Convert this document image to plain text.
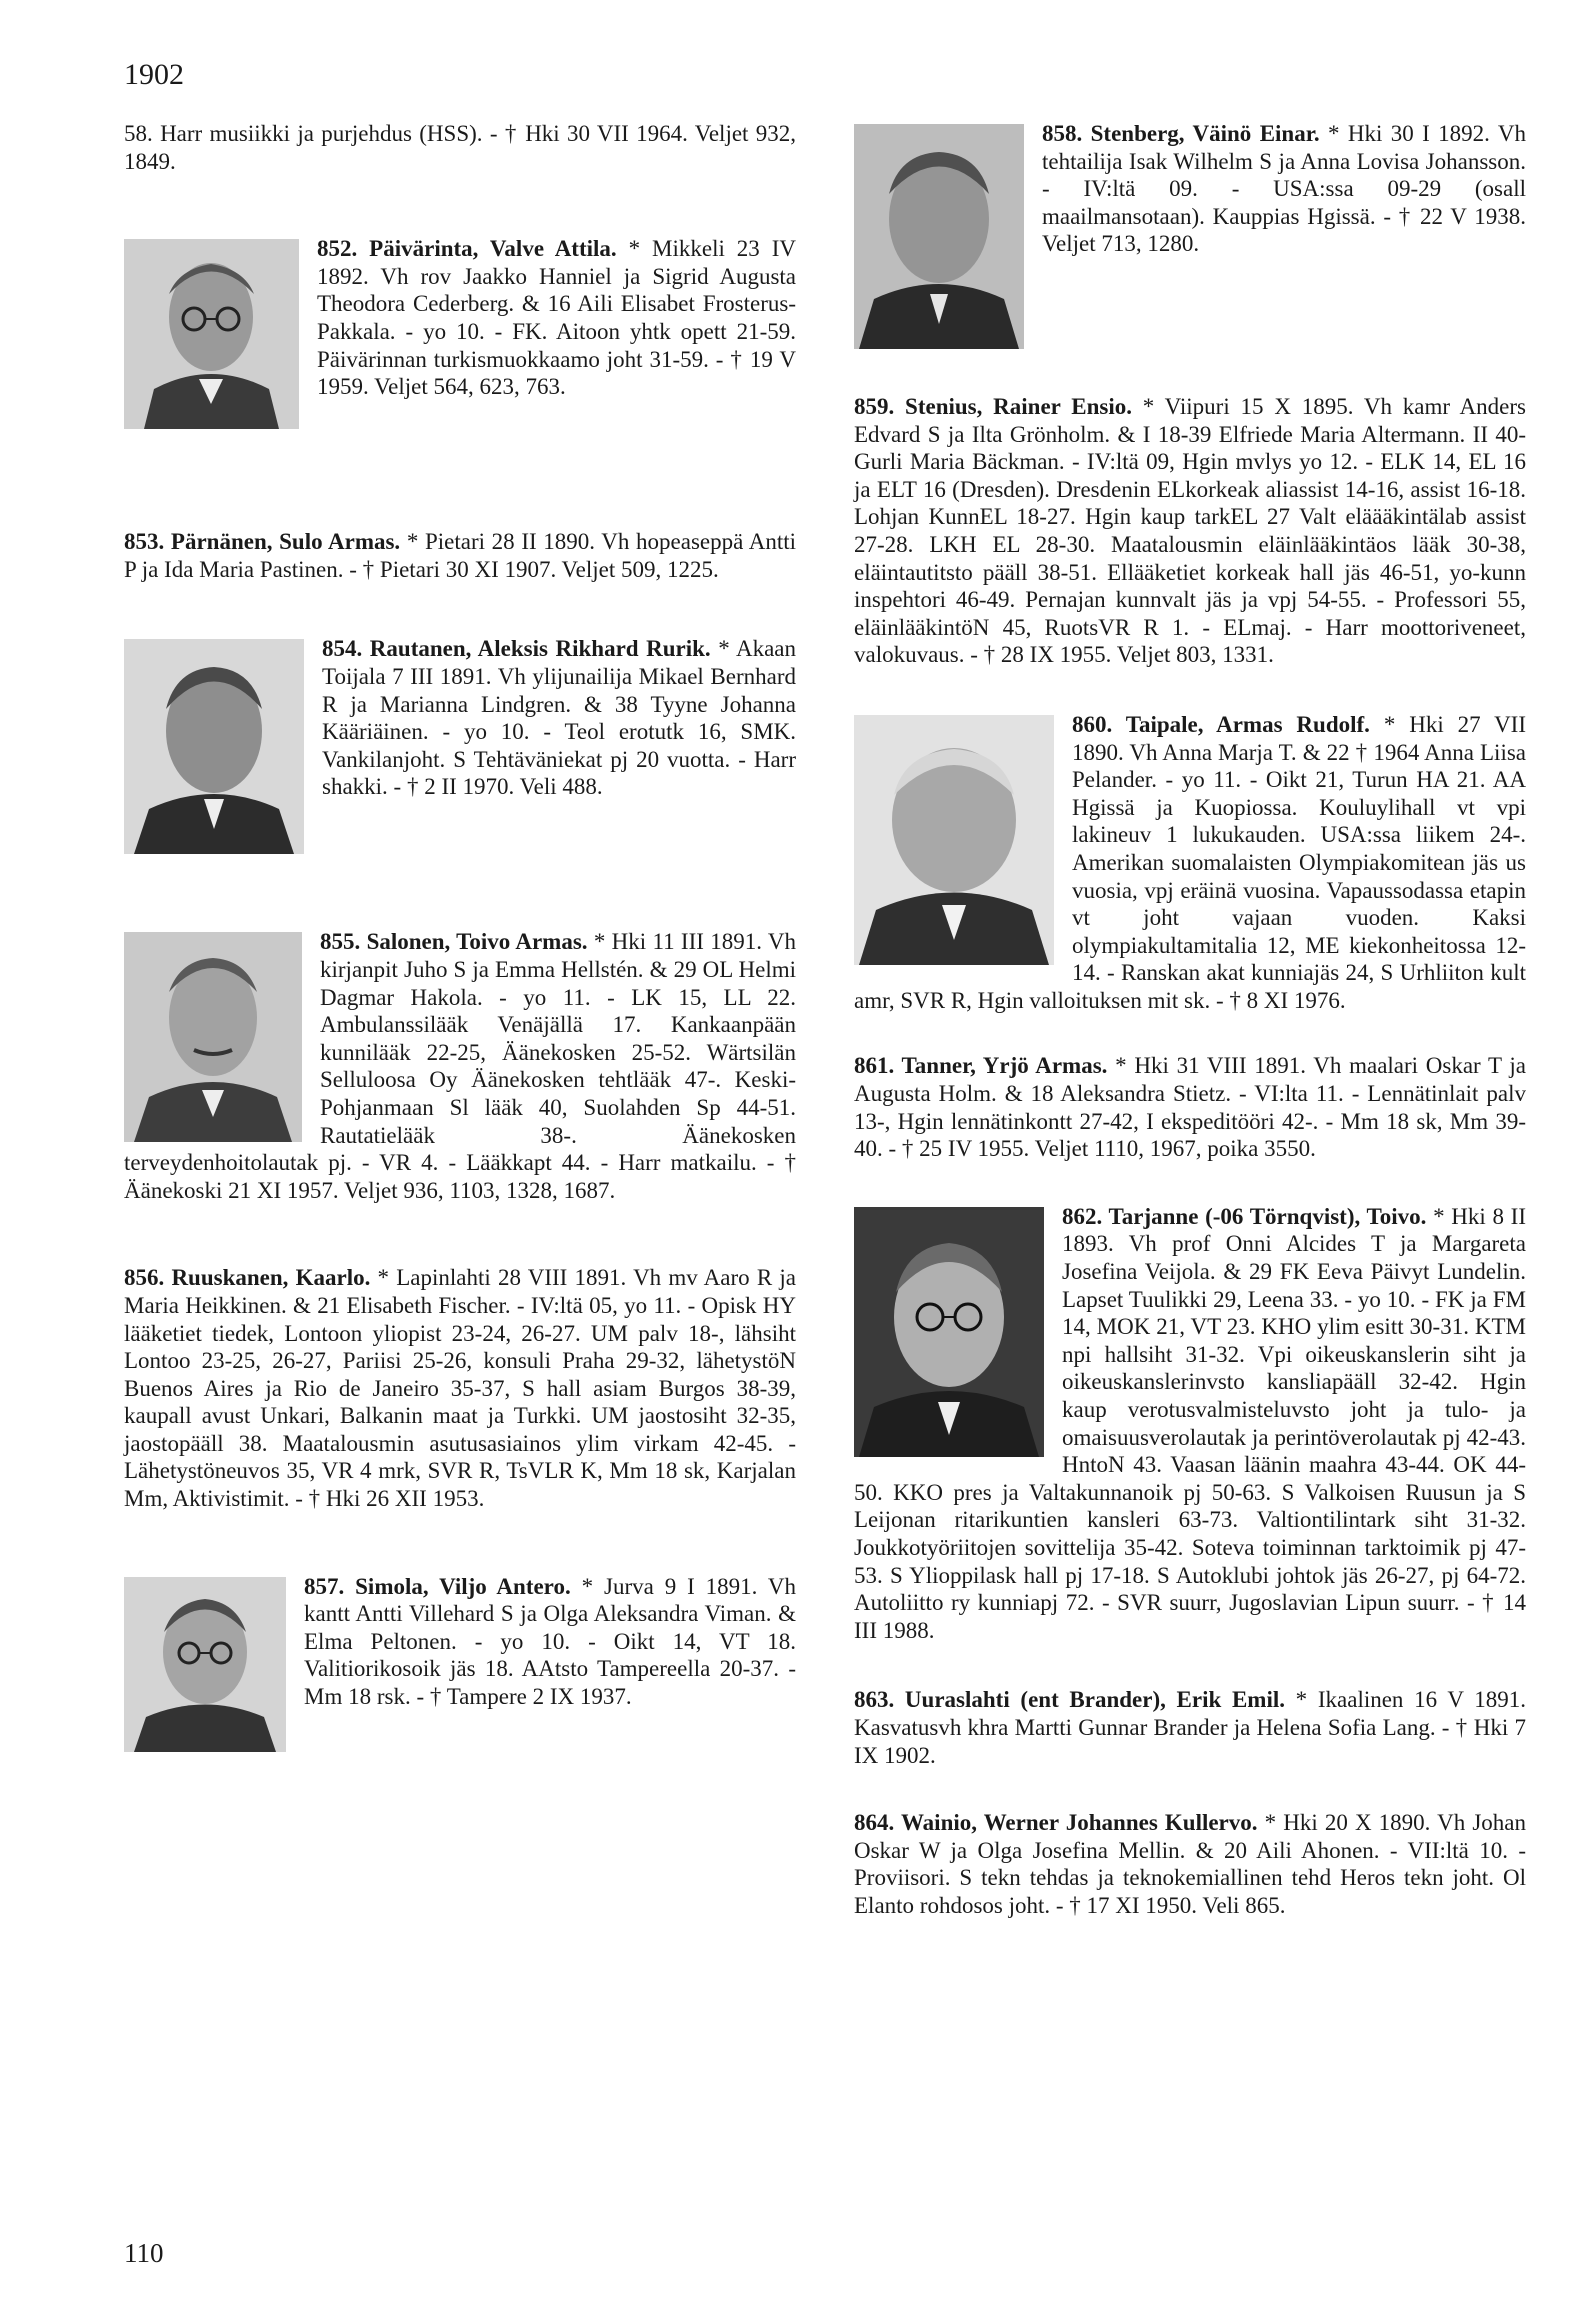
1902
58. Harr musiikki ja purjehdus (HSS). - † Hki 30 VII 1964. Veljet 932, 1849.
852. Päivärinta, Valve Attila. * Mikkeli 23 IV 1892. Vh rov Jaakko Hanniel ja Sigrid Augusta Theodora Cederberg. & 16 Aili Elisabet Frosterus-Pakkala. - yo 10. - FK. Aitoon yhtk opett 21-59. Päivärinnan turkismuokkaamo joht 31-59. - † 19 V 1959. Veljet 564, 623, 763.
853. Pärnänen, Sulo Armas. * Pietari 28 II 1890. Vh hopeaseppä Antti P ja Ida Maria Pastinen. - † Pietari 30 XI 1907. Veljet 509, 1225.
854. Rautanen, Aleksis Rikhard Rurik. * Akaan Toijala 7 III 1891. Vh ylijunailija Mikael Bernhard R ja Marianna Lindgren. & 38 Tyyne Johanna Kääriäinen. - yo 10. - Teol erotutk 16, SMK. Vankilanjoht. S Tehtäväniekat pj 20 vuotta. - Harr shakki. - † 2 II 1970. Veli 488.
855. Salonen, Toivo Armas. * Hki 11 III 1891. Vh kirjanpit Juho S ja Emma Hellstén. & 29 OL Helmi Dagmar Hakola. - yo 11. - LK 15, LL 22. Ambulanssilääk Venäjällä 17. Kankaanpään kunnilääk 22-25, Äänekosken 25-52. Wärtsilän Selluloosa Oy Äänekosken tehtlääk 47-. Keski-Pohjanmaan Sl lääk 40, Suolahden Sp 44-51. Rautatielääk 38-. Äänekosken terveydenhoitolautak pj. - VR 4. - Lääkkapt 44. - Harr matkailu. - † Äänekoski 21 XI 1957. Veljet 936, 1103, 1328, 1687.
856. Ruuskanen, Kaarlo. * Lapinlahti 28 VIII 1891. Vh mv Aaro R ja Maria Heikkinen. & 21 Elisabeth Fischer. - IV:ltä 05, yo 11. - Opisk HY lääketiet tiedek, Lontoon yliopist 23-24, 26-27. UM palv 18-, lähsiht Lontoo 23-25, 26-27, Pariisi 25-26, konsuli Praha 29-32, lähetystöN Buenos Aires ja Rio de Janeiro 35-37, S hall asiam Burgos 38-39, kaupall avust Unkari, Balkanin maat ja Turkki. UM jaostosiht 32-35, jaostopääll 38. Maatalousmin asutusasiainos ylim virkam 42-45. - Lähetystöneuvos 35, VR 4 mrk, SVR R, TsVLR K, Mm 18 sk, Karjalan Mm, Aktivistimit. - † Hki 26 XII 1953.
857. Simola, Viljo Antero. * Jurva 9 I 1891. Vh kantt Antti Villehard S ja Olga Aleksandra Viman. & Elma Peltonen. - yo 10. - Oikt 14, VT 18. Valitiorikosoik jäs 18. AAtsto Tampereella 20-37. - Mm 18 rsk. - † Tampere 2 IX 1937.
858. Stenberg, Väinö Einar. * Hki 30 I 1892. Vh tehtailija Isak Wilhelm S ja Anna Lovisa Johansson. - IV:ltä 09. - USA:ssa 09-29 (osall maailmansotaan). Kauppias Hgissä. - † 22 V 1938. Veljet 713, 1280.
859. Stenius, Rainer Ensio. * Viipuri 15 X 1895. Vh kamr Anders Edvard S ja Ilta Grönholm. & I 18-39 Elfriede Maria Altermann. II 40- Gurli Maria Bäckman. - IV:ltä 09, Hgin mvlys yo 12. - ELK 14, EL 16 ja ELT 16 (Dresden). Dresdenin ELkorkeak aliassist 14-16, assist 16-18. Lohjan KunnEL 18-27. Hgin kaup tarkEL 27 Valt eläääkintälab assist 27-28. LKH EL 28-30. Maatalousmin eläinlääkintäos lääk 30-38, eläintautitsto pääll 38-51. Ellääketiet korkeak hall jäs 46-51, yo-kunn inspehtori 46-49. Pernajan kunnvalt jäs ja vpj 54-55. - Professori 55, eläinlääkintöN 45, RuotsVR R 1. - ELmaj. - Harr moottoriveneet, valokuvaus. - † 28 IX 1955. Veljet 803, 1331.
860. Taipale, Armas Rudolf. * Hki 27 VII 1890. Vh Anna Marja T. & 22 † 1964 Anna Liisa Pelander. - yo 11. - Oikt 21, Turun HA 21. AA Hgissä ja Kuopiossa. Kouluylihall vt vpi lakineuv 1 lukukauden. USA:ssa liikem 24-. Amerikan suomalaisten Olympiakomitean jäs us vuosia, vpj eräinä vuosina. Vapaussodassa etapin vt joht vajaan vuoden. Kaksi olympiakultamitalia 12, ME kiekonheitossa 12-14. - Ranskan akat kunniajäs 24, S Urhliiton kult amr, SVR R, Hgin valloituksen mit sk. - † 8 XI 1976.
861. Tanner, Yrjö Armas. * Hki 31 VIII 1891. Vh maalari Oskar T ja Augusta Holm. & 18 Aleksandra Stietz. - VI:lta 11. - Lennätinlait palv 13-, Hgin lennätinkontt 27-42, I ekspeditööri 42-. - Mm 18 sk, Mm 39-40. - † 25 IV 1955. Veljet 1110, 1967, poika 3550.
862. Tarjanne (-06 Törnqvist), Toivo. * Hki 8 II 1893. Vh prof Onni Alcides T ja Margareta Josefina Veijola. & 29 FK Eeva Päivyt Lundelin. Lapset Tuulikki 29, Leena 33. - yo 10. - FK ja FM 14, MOK 21, VT 23. KHO ylim esitt 30-31. KTM npi hallsiht 31-32. Vpi oikeuskanslerin siht ja oikeuskanslerinvsto kansliapääll 32-42. Hgin kaup verotusvalmisteluvsto joht ja tulo- ja omaisuusverolautak ja perintöverolautak pj 42-43. HntoN 43. Vaasan läänin maahra 43-44. OK 44-50. KKO pres ja Valtakunnanoik pj 50-63. S Valkoisen Ruusun ja S Leijonan ritarikuntien kansleri 63-73. Valtiontilintark siht 31-32. Joukkotyöriitojen sovittelija 35-42. Soteva toiminnan tarktoimik pj 47-53. S Ylioppilask hall pj 17-18. S Autoklubi johtok jäs 26-27, pj 64-72. Autoliitto ry kunniapj 72. - SVR suurr, Jugoslavian Lipun suurr. - † 14 III 1988.
863. Uuraslahti (ent Brander), Erik Emil. * Ikaalinen 16 V 1891. Kasvatusvh khra Martti Gunnar Brander ja Helena Sofia Lang. - † Hki 7 IX 1902.
864. Wainio, Werner Johannes Kullervo. * Hki 20 X 1890. Vh Johan Oskar W ja Olga Josefina Mellin. & 20 Aili Ahonen. - VII:ltä 10. - Proviisori. S tekn tehdas ja teknokemiallinen tehd Heros tekn joht. Ol Elanto rohdosos joht. - † 17 XI 1950. Veli 865.
110
